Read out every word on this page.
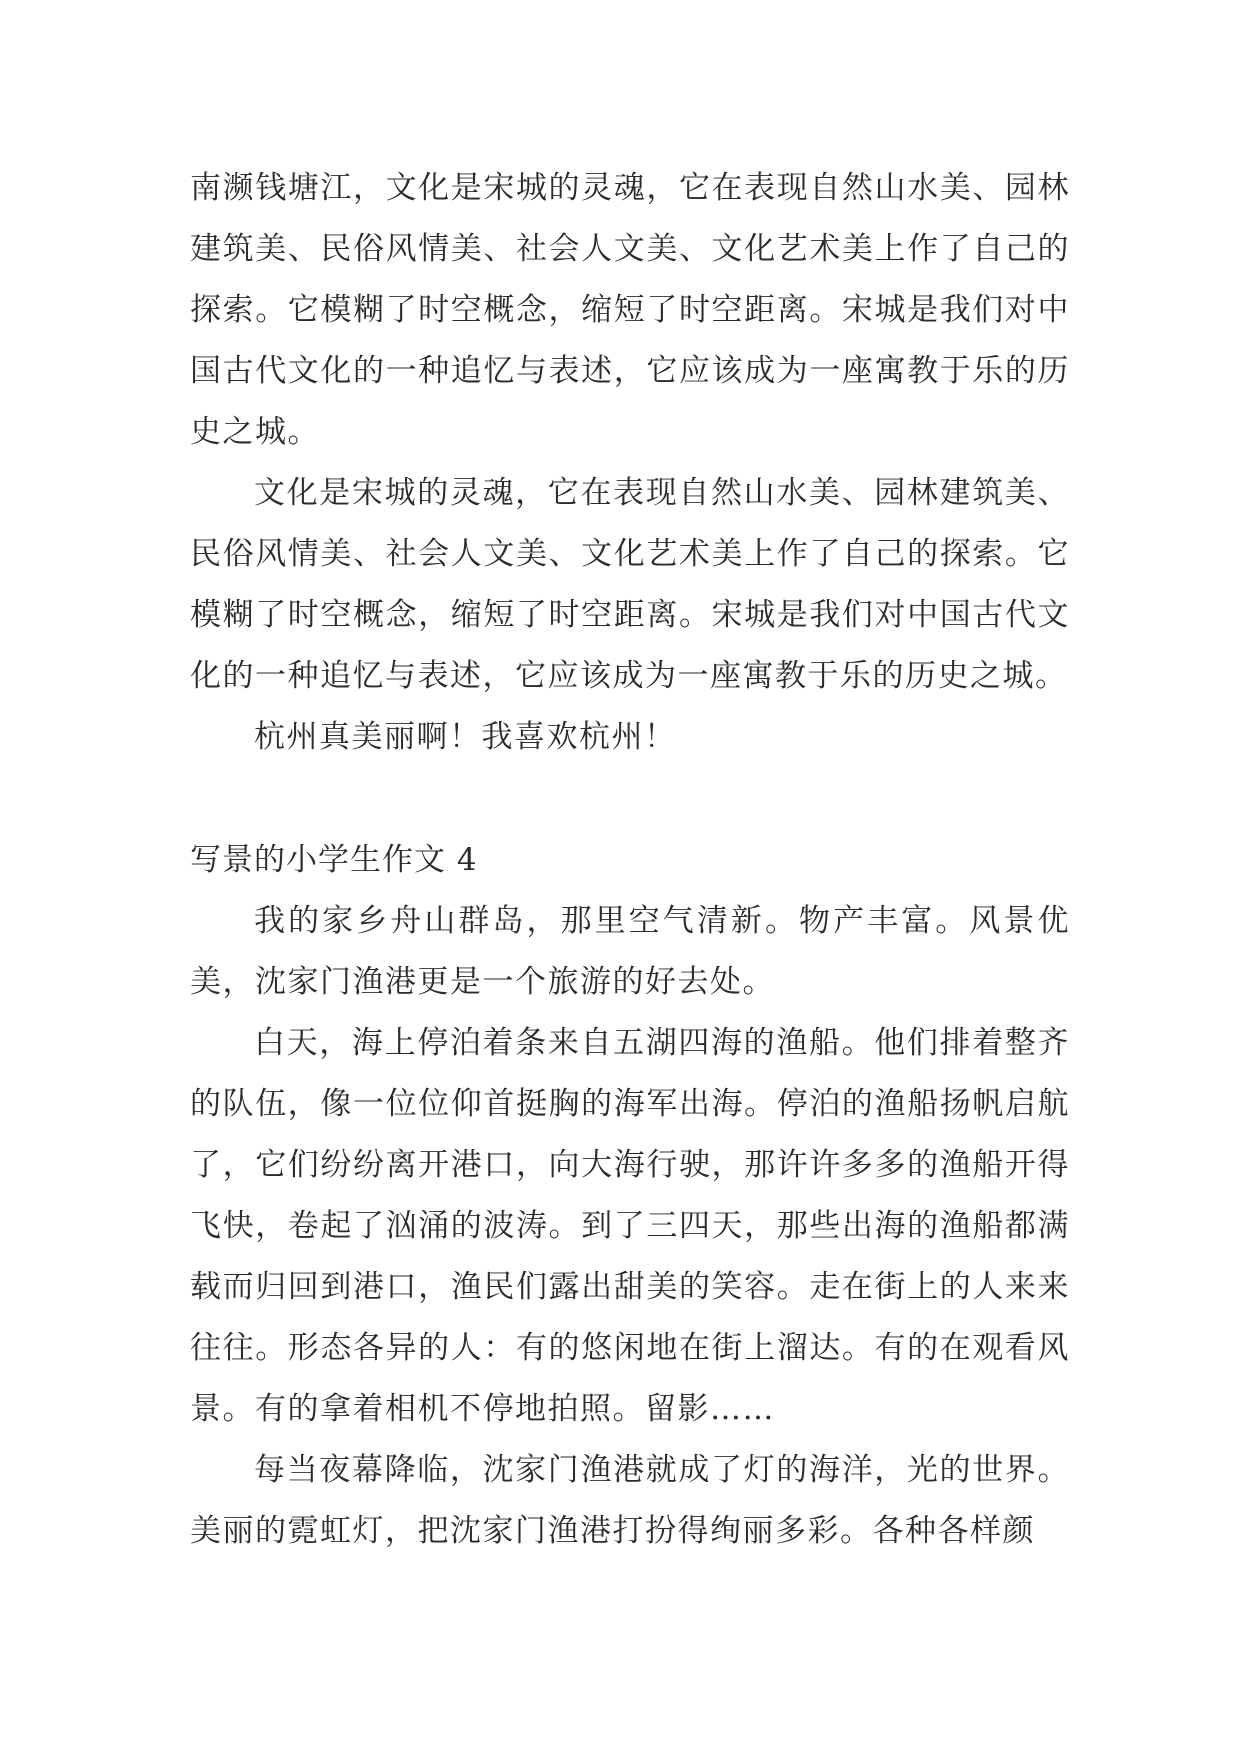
南濒钱塘江，文化是宋城的灵魂，它在表现自然山水美、园林建筑美、民俗风情美、社会人文美、文化艺术美上作了自己的探索。它模糊了时空概念，缩短了时空距离。宋城是我们对中国古代文化的一种追忆与表述，它应该成为一座寓教于乐的历史之城。

文化是宋城的灵魂，它在表现自然山水美、园林建筑美、民俗风情美、社会人文美、文化艺术美上作了自己的探索。它模糊了时空概念，缩短了时空距离。宋城是我们对中国古代文化的一种追忆与表述，它应该成为一座寓教于乐的历史之城。

杭州真美丽啊！我喜欢杭州！

写景的小学生作文 4

我的家乡舟山群岛，那里空气清新。物产丰富。风景优美，沈家门渔港更是一个旅游的好去处。

白天，海上停泊着条来自五湖四海的渔船。他们排着整齐的队伍，像一位位仰首挺胸的海军出海。停泊的渔船扬帆启航了，它们纷纷离开港口，向大海行驶，那许许多多的渔船开得飞快，卷起了汹涌的波涛。到了三四天，那些出海的渔船都满载而归回到港口，渔民们露出甜美的笑容。走在街上的人来来往往。形态各异的人：有的悠闲地在街上溜达。有的在观看风景。有的拿着相机不停地拍照。留影……

每当夜幕降临，沈家门渔港就成了灯的海洋，光的世界。美丽的霓虹灯，把沈家门渔港打扮得绚丽多彩。各种各样颜
